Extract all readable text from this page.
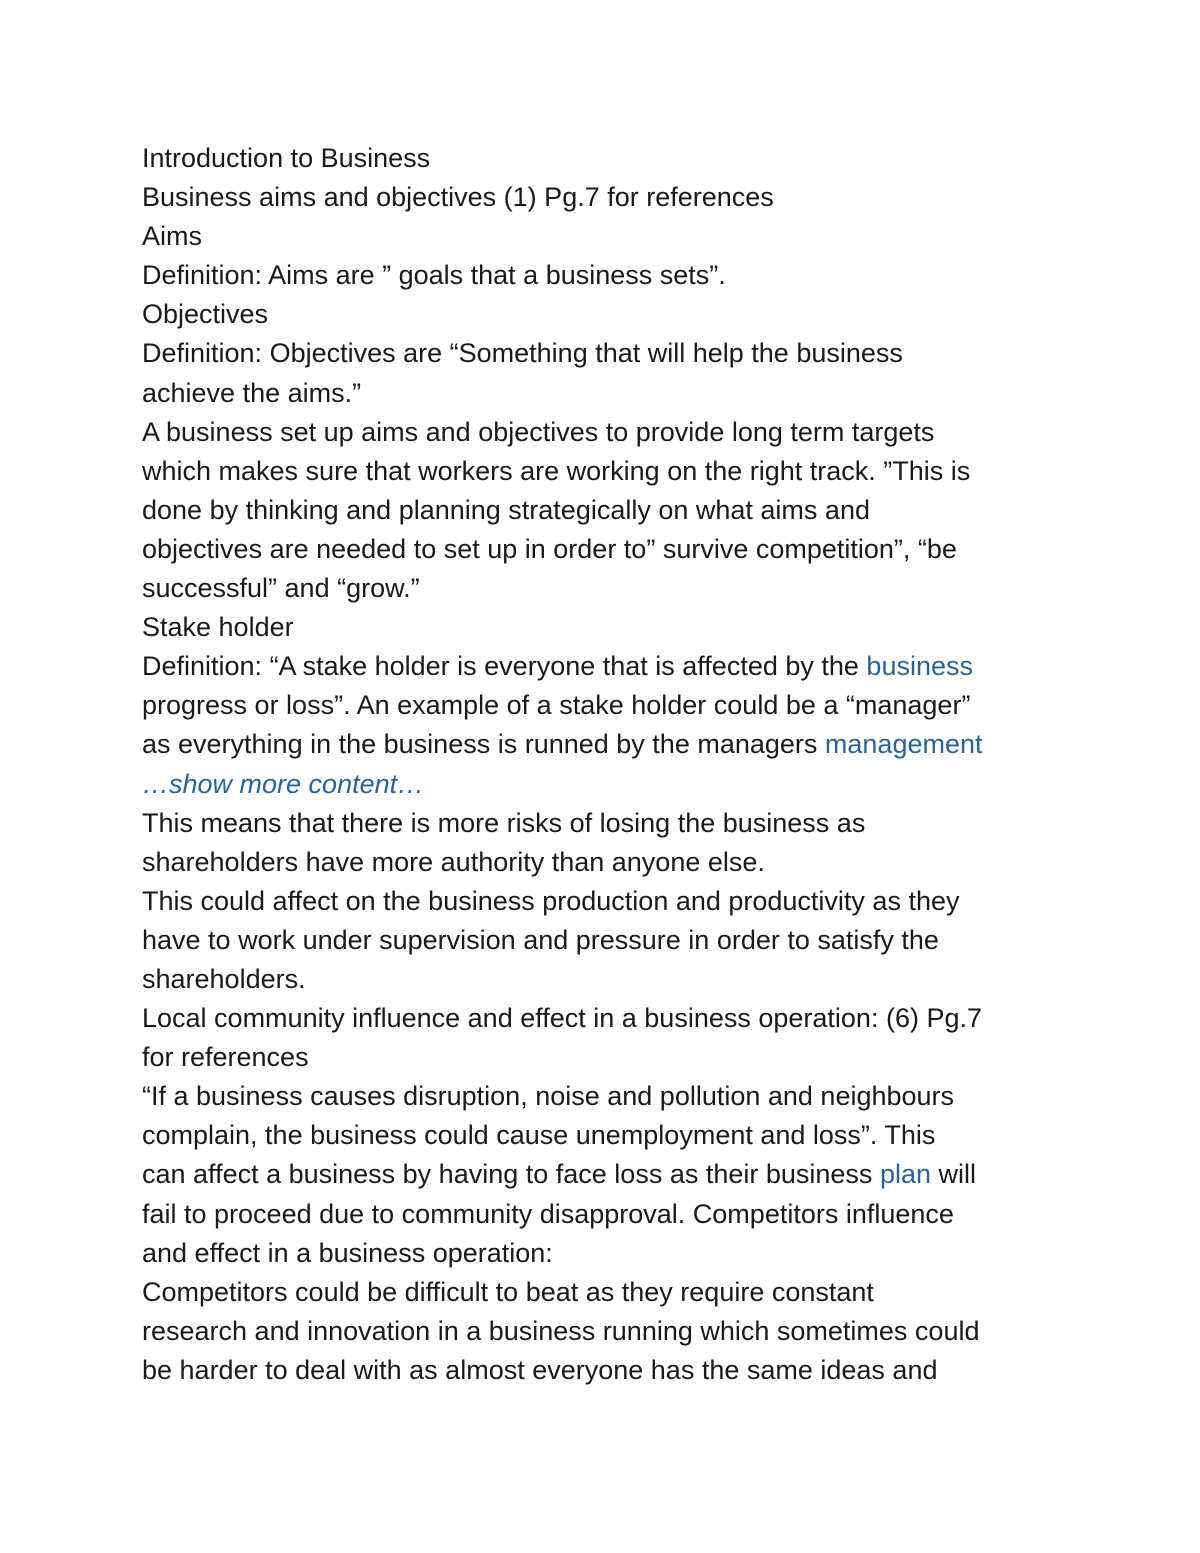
Introduction to Business
Business aims and objectives (1) Pg.7 for references
Aims
Definition: Aims are ” goals that a business sets”.
Objectives
Definition: Objectives are “Something that will help the business
achieve the aims.”
A business set up aims and objectives to provide long term targets
which makes sure that workers are working on the right track. ”This is
done by thinking and planning strategically on what aims and
objectives are needed to set up in order to” survive competition”, “be
successful” and “grow.”
Stake holder
Definition: “A stake holder is everyone that is affected by the business
progress or loss”. An example of a stake holder could be a “manager”
as everything in the business is runned by the managers management
…show more content…
This means that there is more risks of losing the business as
shareholders have more authority than anyone else.
This could affect on the business production and productivity as they
have to work under supervision and pressure in order to satisfy the
shareholders.
Local community influence and effect in a business operation: (6) Pg.7
for references
“If a business causes disruption, noise and pollution and neighbours
complain, the business could cause unemployment and loss”. This
can affect a business by having to face loss as their business plan will
fail to proceed due to community disapproval. Competitors influence
and effect in a business operation:
Competitors could be difficult to beat as they require constant
research and innovation in a business running which sometimes could
be harder to deal with as almost everyone has the same ideas and
